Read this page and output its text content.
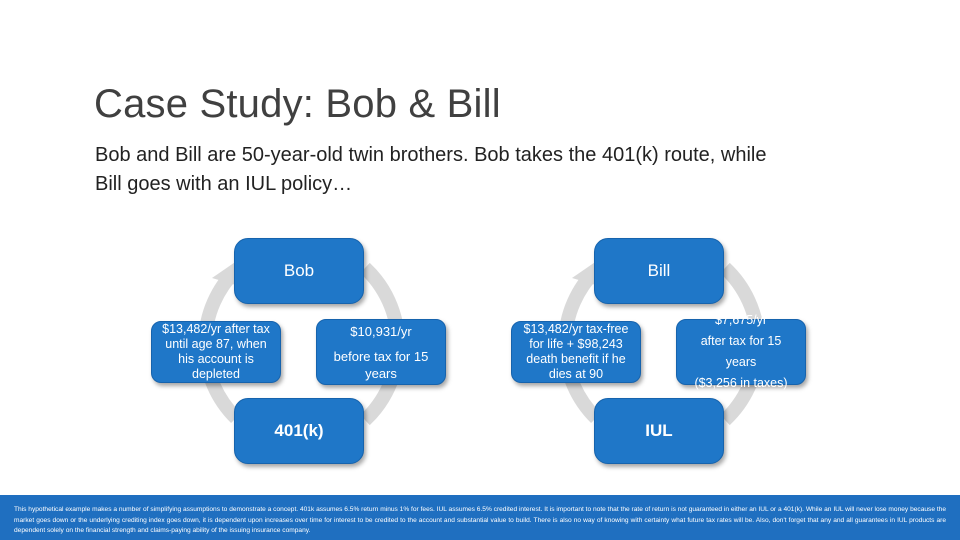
Case Study: Bob & Bill
Bob and Bill are 50-year-old twin brothers. Bob takes the 401(k) route, while Bill goes with an IUL policy…
Bob
$13,482/yr after tax
until age 87, when
his account is
depleted
$10,931/yr
before tax for 15 years
401(k)
Bill
$13,482/yr tax-free
for life + $98,243
death benefit if he
dies at 90
$7,675/yr
after tax for 15 years
($3,256 in taxes)
IUL
This hypothetical example makes a number of simplifying assumptions to demonstrate a concept. 401k assumes 6.5% return minus 1% for fees. IUL assumes 6.5% credited interest. It is important to note that the rate of return is not guaranteed in either an IUL or a 401(k). While an IUL will never lose money because the market goes down or the underlying crediting index goes down, it is dependent upon increases over time for interest to be credited to the account and substantial value to build. There is also no way of knowing with certainty what future tax rates will be. Also, don't forget that any and all guarantees in IUL products are dependent solely on the financial strength and claims-paying ability of the issuing insurance company.
